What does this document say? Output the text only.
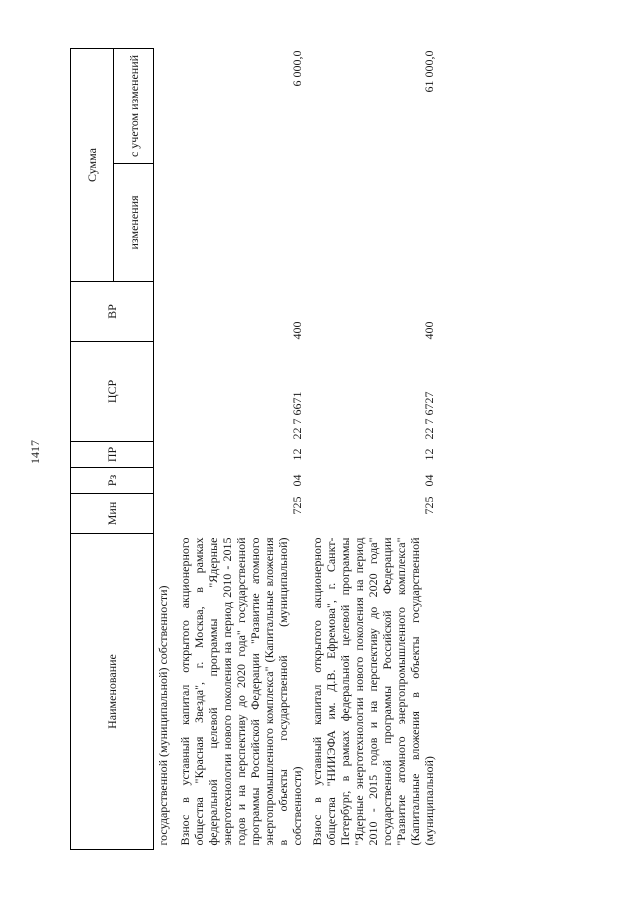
1417
Наименование	Мин	Рз	ПР	ЦСР	ВР	Сумма	
						изменения	с учетом изменений
государственной (муниципальной) собственности)							
Взнос в уставный капитал открытого акционерного общества "Красная Звезда", г. Москва, в рамках федеральной целевой программы "Ядерные энерготехнологии нового поколения на период 2010 - 2015 годов и на перспективу до 2020 года" государственной программы Российской Федерации "Развитие атомного энергопромышленного комплекса" (Капитальные вложения в объекты государственной (муниципальной) собственности)	725	04	12	22 7 6671	400		6 000,0
Взнос в уставный капитал открытого акционерного общества "НИИЭФА им. Д.В. Ефремова", г. Санкт-Петербург, в рамках федеральной целевой программы "Ядерные энерготехнологии нового поколения на период 2010 - 2015 годов и на перспективу до 2020 года" государственной программы Российской Федерации "Развитие атомного энергопромышленного комплекса" (Капитальные вложения в объекты государственной (муниципальной)	725	04	12	22 7 6727	400		61 000,0
